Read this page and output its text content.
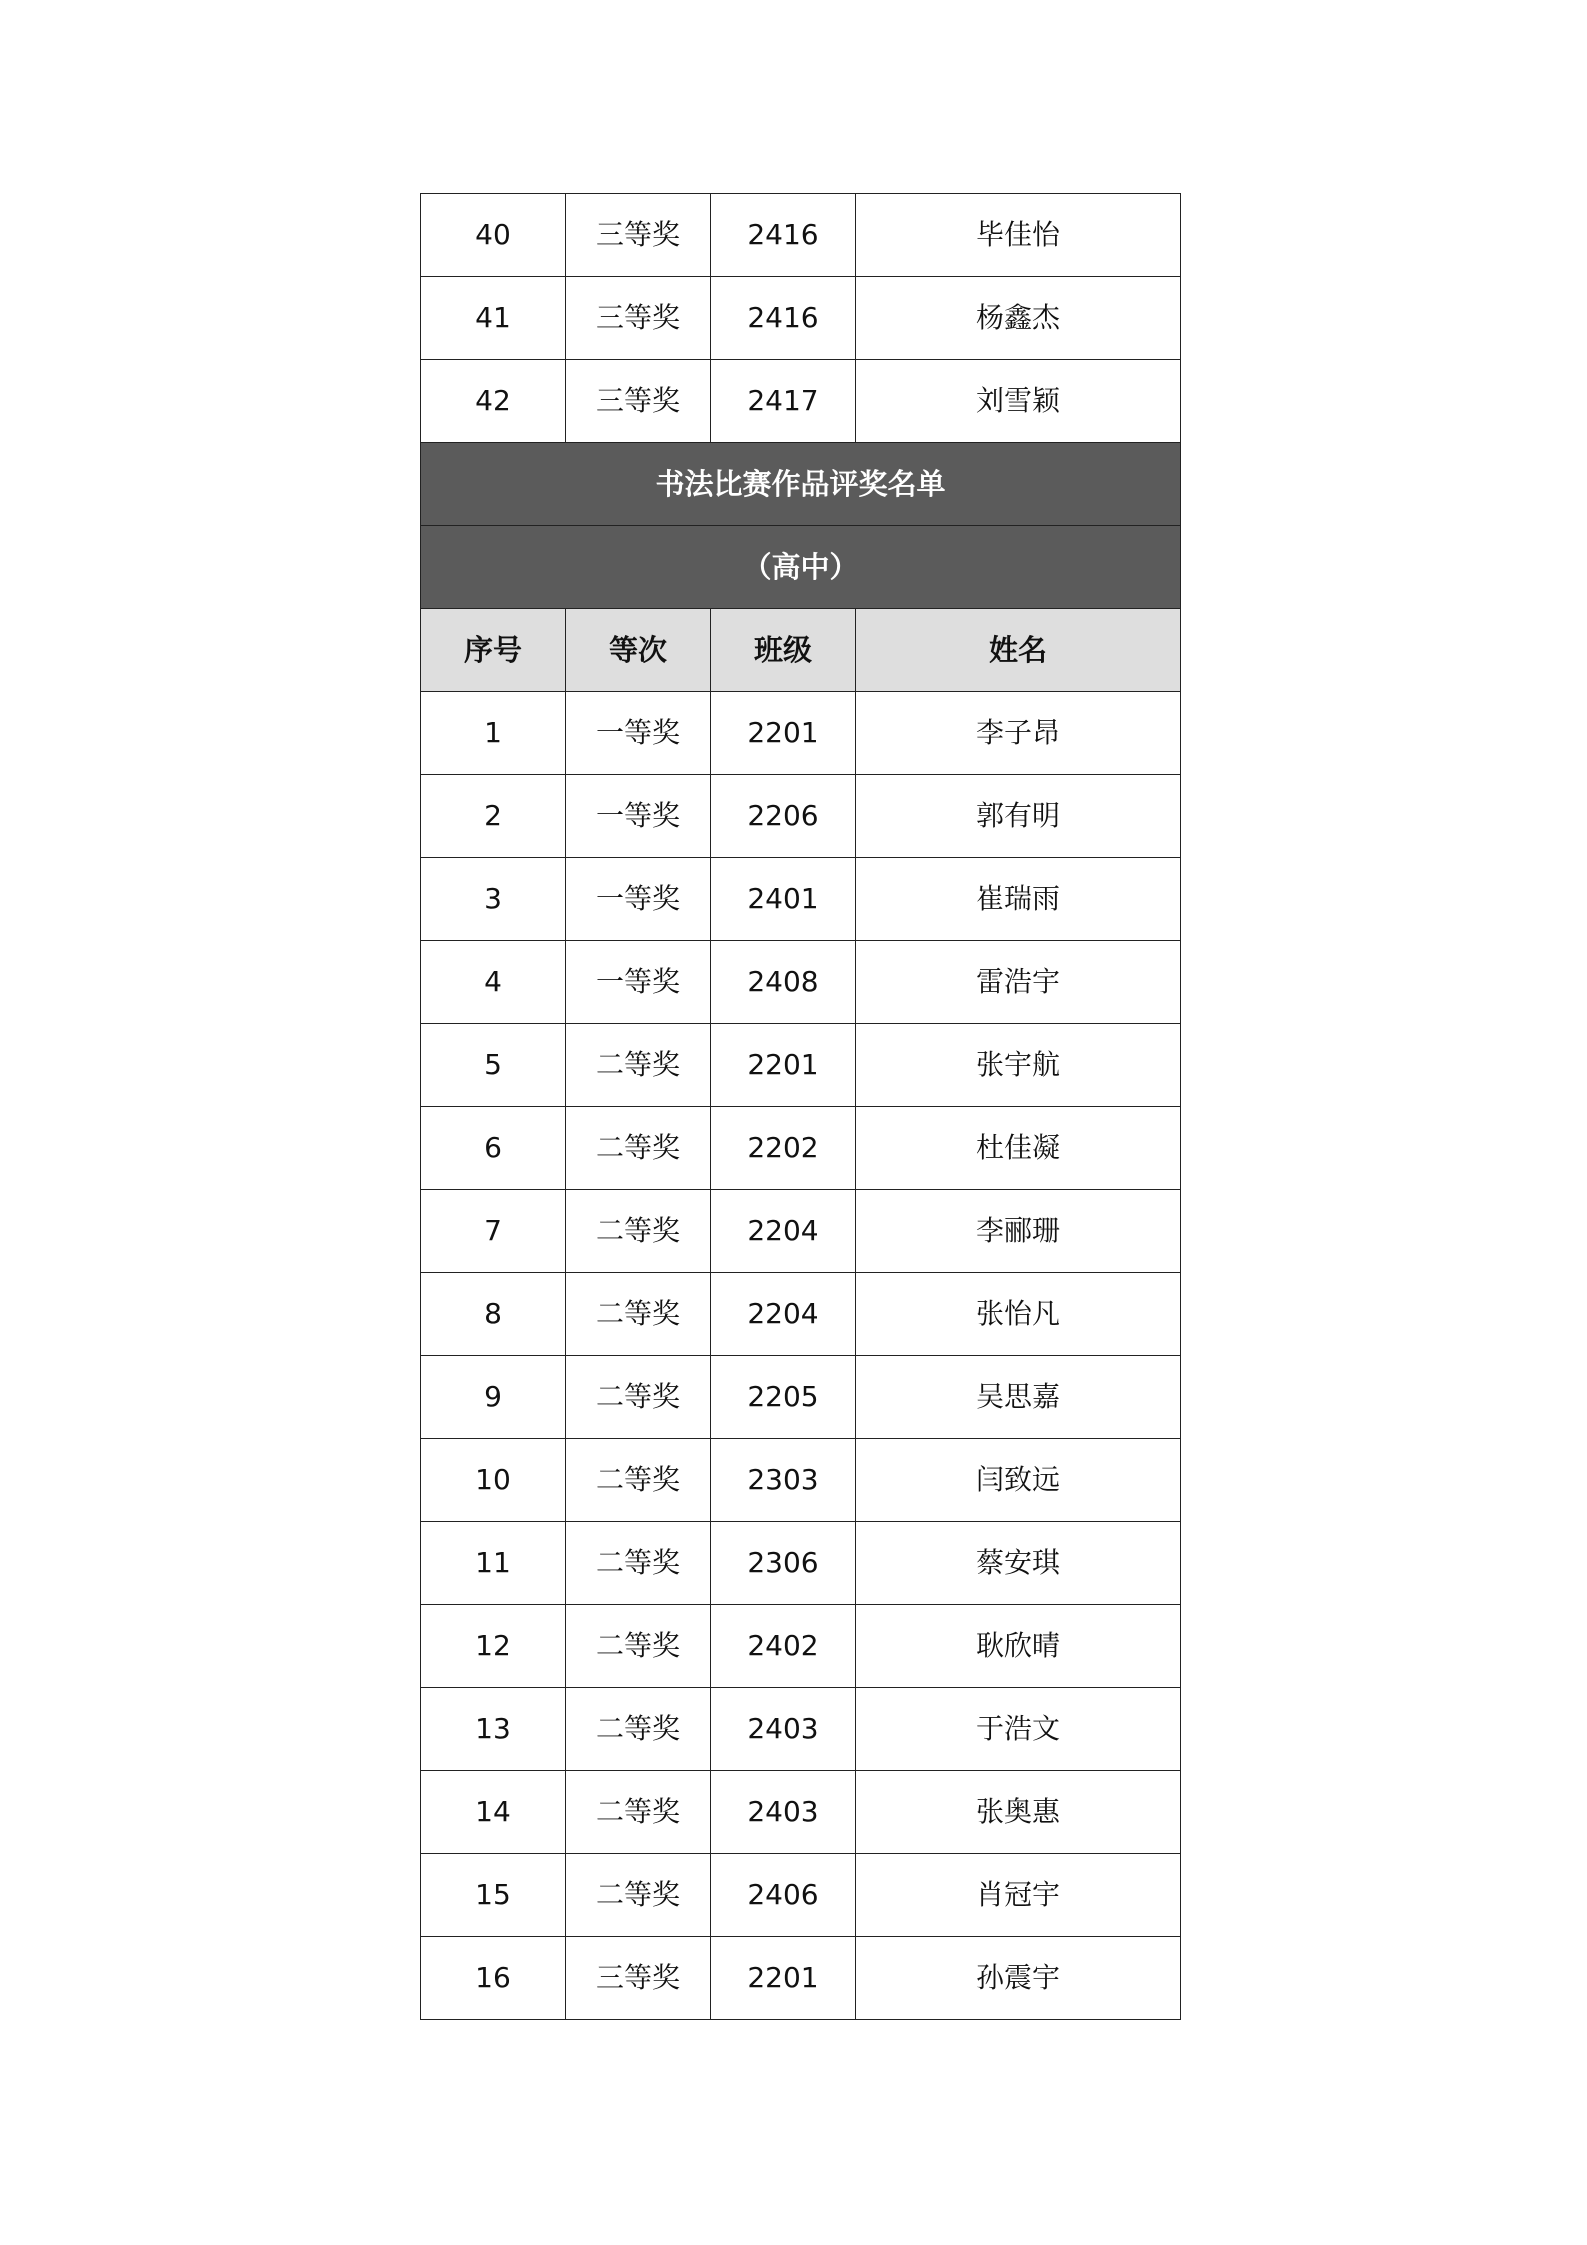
40	三等奖	2416	毕佳怡
41	三等奖	2416	杨鑫杰
42	三等奖	2417	刘雪颖
书法比赛作品评奖名单			
（高中）			
序号	等次	班级	姓名
1	一等奖	2201	李子昂
2	一等奖	2206	郭有明
3	一等奖	2401	崔瑞雨
4	一等奖	2408	雷浩宇
5	二等奖	2201	张宇航
6	二等奖	2202	杜佳凝
7	二等奖	2204	李郦珊
8	二等奖	2204	张怡凡
9	二等奖	2205	吴思嘉
10	二等奖	2303	闫致远
11	二等奖	2306	蔡安琪
12	二等奖	2402	耿欣晴
13	二等奖	2403	于浩文
14	二等奖	2403	张奥惠
15	二等奖	2406	肖冠宇
16	三等奖	2201	孙震宇
